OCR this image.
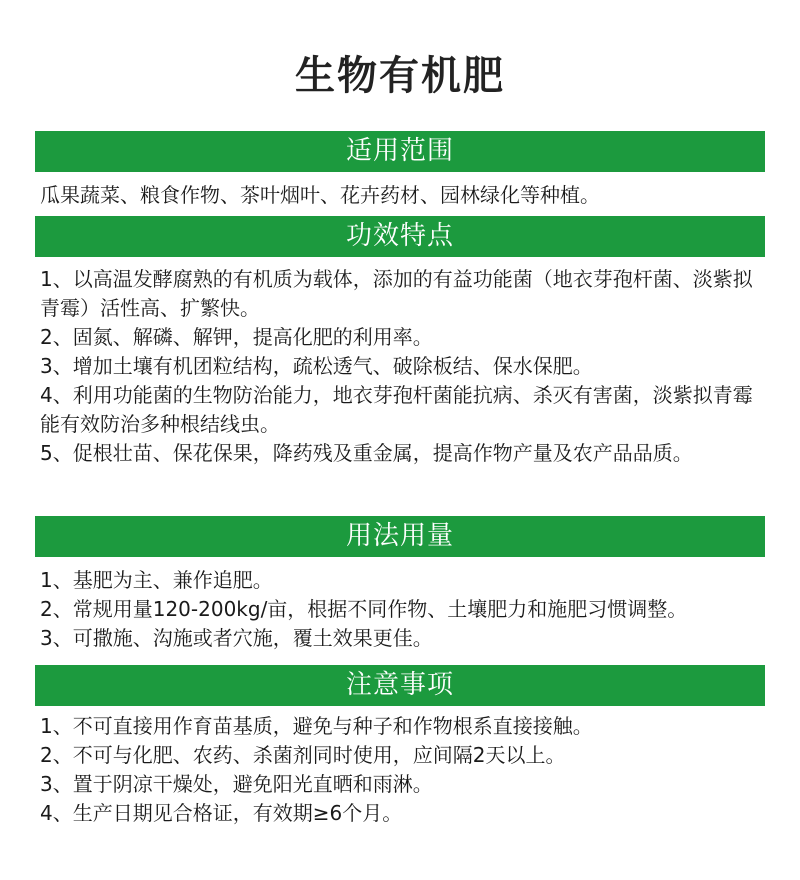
生物有机肥
适用范围

瓜果蔬菜、粮食作物、茶叶烟叶、花卉药材、园林绿化等种植。

功效特点

1、以高温发酵腐熟的有机质为载体，添加的有益功能菌（地衣芽孢杆菌、淡紫拟青霉）活性高、扩繁快。

2、固氮、解磷、解钾，提高化肥的利用率。

3、增加土壤有机团粒结构，疏松透气、破除板结、保水保肥。

4、利用功能菌的生物防治能力，地衣芽孢杆菌能抗病、杀灭有害菌，淡紫拟青霉能有效防治多种根结线虫。

5、促根壮苗、保花保果，降药残及重金属，提高作物产量及农产品品质。

用法用量

1、基肥为主、兼作追肥。

2、常规用量120-200kg/亩，根据不同作物、土壤肥力和施肥习惯调整。

3、可撒施、沟施或者穴施，覆土效果更佳。

注意事项

1、不可直接用作育苗基质，避免与种子和作物根系直接接触。

2、不可与化肥、农药、杀菌剂同时使用，应间隔2天以上。

3、置于阴凉干燥处，避免阳光直晒和雨淋。

4、生产日期见合格证，有效期≥6个月。
